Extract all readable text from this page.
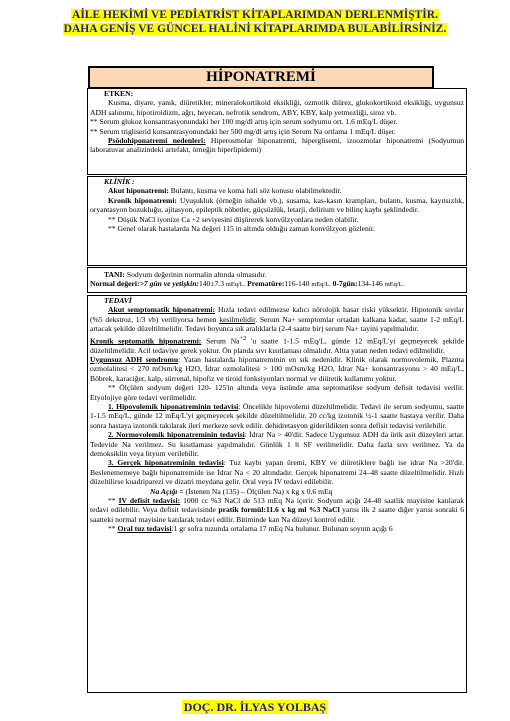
AİLE HEKİMİ VE PEDİATRİST KİTAPLARIMDAN DERLENMİŞTİR.
DAHA GENİŞ VE GÜNCEL HALİNİ KİTAPLARIMDA BULABİLİRSİNİZ.
HİPONATREMİ

ETKEN:

Kusma, diyare, yanık, diüretikler, mineralokortikoid eksikliği, ozmotik diürez, glukokortikoid eksikliği, uygunsuz ADH salınımı, hipotiroidizm, ağrı, heyecan, nefrotik sendrom, ABY, KBY, kalp yetmezliği, siroz vb.

** Serum glukoz konsantrasyonundaki her 100 mg/dl artış için serum sodyumu ort. 1.6 mEq/L düşer.

** Serum trigliserid konsantrasyonundaki her 500 mg/dl artış için Serum Na ortlama 1 mEq/L düşer.

Psödohiponatremi nedenleri: Hiperosmolar hiponatremi, hiperglisemi, izoozmolar hiponatremi (Sodyumun laboratuvar analizindeki artefakt, örneğin hiperlipidemi)

KLİNİK :

Akut hiponatremi: Bulantı, kusma ve koma hali söz konusu olabilmektedir.

Kronik hiponatremi: Uyuşukluk (örneğin ishalde vb.), susama, kas-kasın krampları, bulantı, kusma, kayıtsızlık, oryantasyon bozukluğu, ajitasyon, epileptik nöbetler, güçsüzlük, letarji, delirium ve bilinç kaybı şeklindedir.

** Düşük NaCl iyonize Ca +2 seviyesini düşürerek konvülzyonlara neden olabilir.

** Genel olarak hastalarda Na değeri 115 in altında olduğu zaman konvülzyon gözlenir.

TANI: Sodyum değerinin normalin altında olmasıdır.

Normal değeri:>7 gün ve yetişkin:140±7.3 mEq/L. Prematüre:116-140 mEq/L. 0-7gün:134-146 mEq/L.

TEDAVİ

Akut semptomatik hiponatremi: Hızla tedavi edilmezse kalıcı nörolojik hasar riski yüksektir. Hipotonik sıvılar (%5 dekstroz, 1/3 vb) veriliyorsa hemen kesilmelidir. Serum Na+ semptomlar ortadan kalkana kadar, saatte 1-2 mEq/L artacak şekilde düzeltilmelidir. Tedavi boyunca sık aralıklarla (2-4 saatte bir) serum Na+ tayini yapılmalıdır.

Kronik septomatik hiponatremi: Serum $Na^{+2}$ 'u saatte 1-1.5 mEq/L, günde 12 mEq/L'yi geçmeyecek şekilde düzeltilmelidir. Acil tedaviye gerek yoktur. Ön planda sıvı kısıtlaması olmalıdır. Altta yatan neden tedavi edilmelidir.

Uygunsuz ADH sendromu: Yatan hastalarda hiponatreminin en sık nedenidir. Klinik olarak normovolemik, Plazma ozmolalitesi < 270 mOsm/kg H2O, İdrar ozmolalitesi > 100 mOsm/kg H2O, İdrar Na+ konsantrasyonu > 40 mEq/L, Böbrek, karaciğer, kalp, sürrenal, hipofiz ve tiroid fonksiyonları normal ve diüretik kullanımı yoktur.

** Ölçülen sodyum değeri 120- 125'in altında veya üstünde ama septomatikse sodyum defisit tedavisi verilir. Etyolojiye göre tedavi verilmelidir.

1. Hipovolemik hiponatreminin tedavisi: Öncelikle hipovolemi düzeltilmelidir. Tedavi ile serum sodyumu, saatte 1-1.5 mEq/L, günde 12 mEq/L'yi geçmeyecek şekilde düzeltilmelidir. 20 cc/kg izotonik ½-1 saatte hastaya verilir. Daha sonra hastaya izotonik takılarak ileri merkeze sevk edilir. dehidretasyon giderildikten sonra defisit tedavisi verilebilir.

2. Normovolemik hiponatreminin tedavisi: İdrar Na > 40'dir. Sadece Uygunsuz ADH da ürik asit düzeyleri artar. Tedevide Na verilmez. Su kısıtlaması yapılmalıdır. Günlük 1 lt SF verilmelidir. Daha fazla sıvı verilmez. Ya da demoksiklin veya lityum verilebilir.

3. Gerçek hiponatreminin tedavisi: Tuz kaybı yapan üremi, KBY ve diüretiklere bağlı ise idrar Na >20'dir. Beslenememeye bağlı hiponatremide ise İdrar Na < 20 altındadır. Gerçek hiponatremi 24–48 saatte düzeltilmelidir. Hızlı düzeltilirse kuadriparezi ve dizatri meydana gelir. Oral veya IV tedavi edilebilir.

Na Açığı = (İstenen Na (135) – Ölçülen Na) x kg x 0.6 mEq

** IV defisit tedavisi: 1000 cc %3 NaCl de 513 mEq Na içerir. Sodyum açığı 24-48 saatlik mayisine katılarak tedavi edilebilir. Veya defisit tedavisinde pratik formül:11.6 x kg ml %3 NaCl yarısı ilk 2 saatte diğer yarısı sonraki 6 saatteki normal mayisine katılarak tedavi edilir. Bitiminde kan Na düzeyi kontrol edilir.

** Oral tuz tedavisi:1 gr sofra tuzunda ortalama 17 mEq Na bulunur. Bulunan soyum açığı 6

DOÇ. DR. İLYAS YOLBAŞ
